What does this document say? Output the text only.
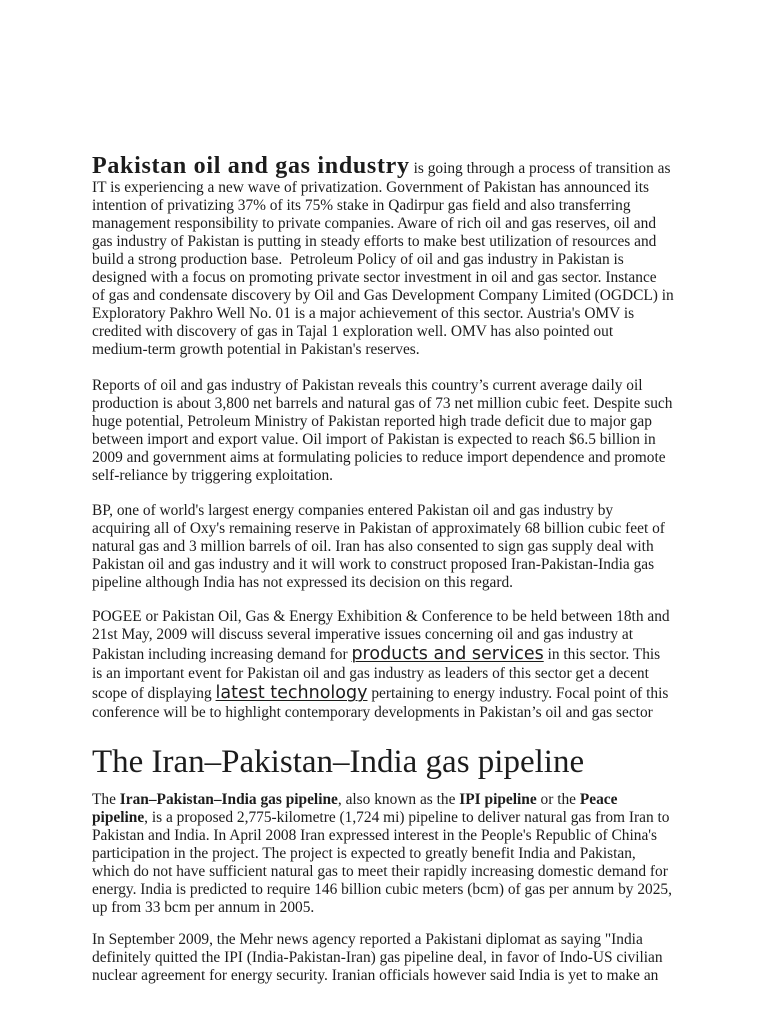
Pakistan oil and gas industry is going through a process of transition as
IT is experiencing a new wave of privatization. Government of Pakistan has announced its
intention of privatizing 37% of its 75% stake in Qadirpur gas field and also transferring
management responsibility to private companies. Aware of rich oil and gas reserves, oil and
gas industry of Pakistan is putting in steady efforts to make best utilization of resources and
build a strong production base.  Petroleum Policy of oil and gas industry in Pakistan is
designed with a focus on promoting private sector investment in oil and gas sector. Instance
of gas and condensate discovery by Oil and Gas Development Company Limited (OGDCL) in
Exploratory Pakhro Well No. 01 is a major achievement of this sector. Austria's OMV is
credited with discovery of gas in Tajal 1 exploration well. OMV has also pointed out
medium-term growth potential in Pakistan's reserves.
Reports of oil and gas industry of Pakistan reveals this country’s current average daily oil
production is about 3,800 net barrels and natural gas of 73 net million cubic feet. Despite such
huge potential, Petroleum Ministry of Pakistan reported high trade deficit due to major gap
between import and export value. Oil import of Pakistan is expected to reach $6.5 billion in
2009 and government aims at formulating policies to reduce import dependence and promote
self-reliance by triggering exploitation.
BP, one of world's largest energy companies entered Pakistan oil and gas industry by
acquiring all of Oxy's remaining reserve in Pakistan of approximately 68 billion cubic feet of
natural gas and 3 million barrels of oil. Iran has also consented to sign gas supply deal with
Pakistan oil and gas industry and it will work to construct proposed Iran-Pakistan-India gas
pipeline although India has not expressed its decision on this regard.
POGEE or Pakistan Oil, Gas & Energy Exhibition & Conference to be held between 18th and
21st May, 2009 will discuss several imperative issues concerning oil and gas industry at
Pakistan including increasing demand for products and services in this sector. This
is an important event for Pakistan oil and gas industry as leaders of this sector get a decent
scope of displaying latest technology pertaining to energy industry. Focal point of this
conference will be to highlight contemporary developments in Pakistan’s oil and gas sector
The Iran–Pakistan–India gas pipeline
The Iran–Pakistan–India gas pipeline, also known as the IPI pipeline or the Peace
pipeline, is a proposed 2,775-kilometre (1,724 mi) pipeline to deliver natural gas from Iran to
Pakistan and India. In April 2008 Iran expressed interest in the People's Republic of China's
participation in the project. The project is expected to greatly benefit India and Pakistan,
which do not have sufficient natural gas to meet their rapidly increasing domestic demand for
energy. India is predicted to require 146 billion cubic meters (bcm) of gas per annum by 2025,
up from 33 bcm per annum in 2005.
In September 2009, the Mehr news agency reported a Pakistani diplomat as saying "India
definitely quitted the IPI (India-Pakistan-Iran) gas pipeline deal, in favor of Indo-US civilian
nuclear agreement for energy security. Iranian officials however said India is yet to make an
